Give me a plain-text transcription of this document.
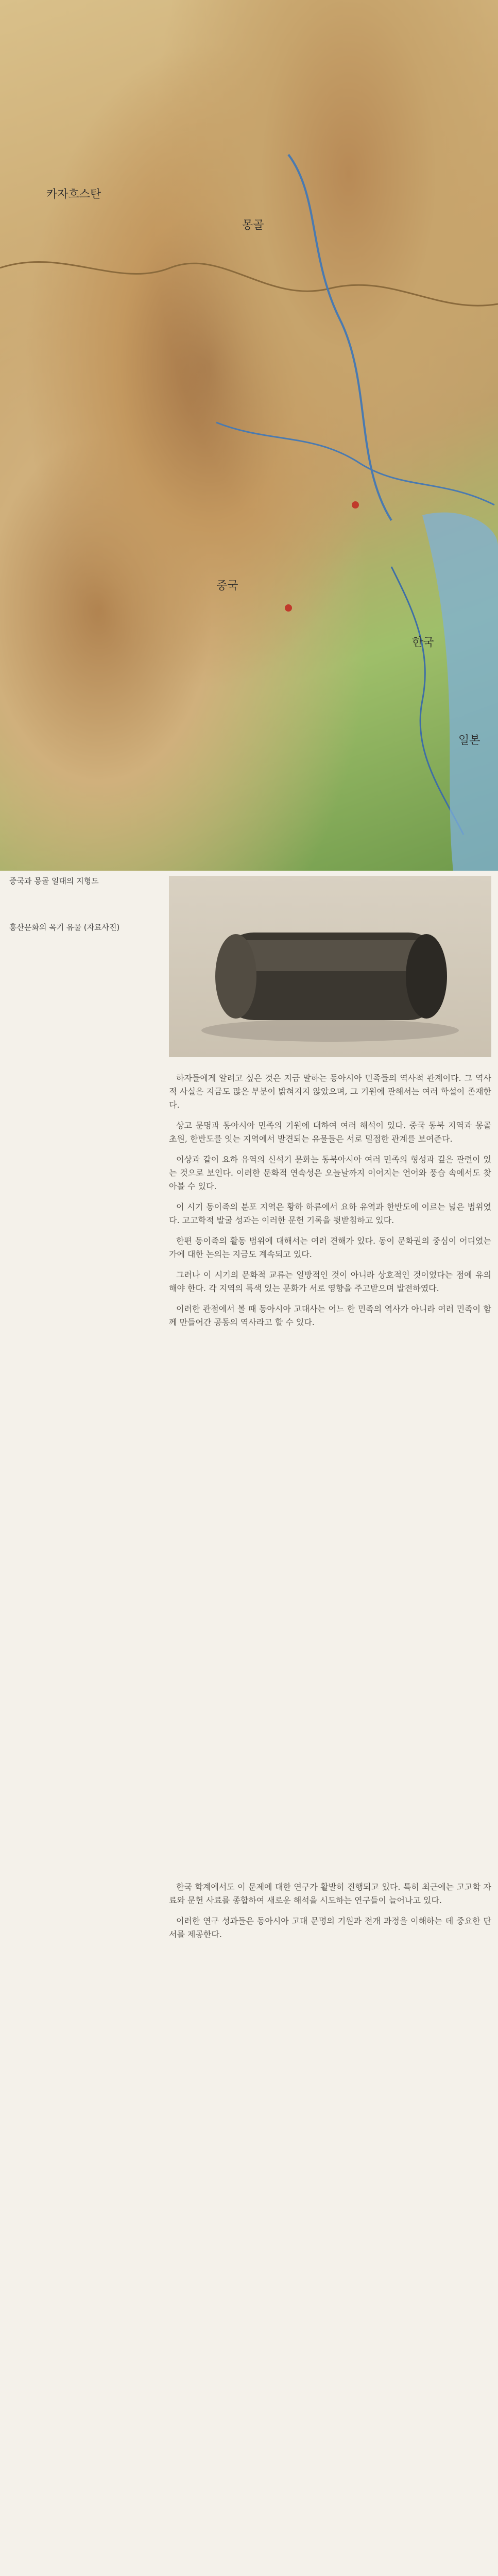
몽골
중국
카자흐스탄
한국
일본
중국과 몽골 일대의 지형도
홍산문화의 옥기 유물 (자료사진)

하자들에게 알려고 싶은 것은 지금 말하는 동아시아 민족들의 역사적 관계이다. 그 역사적 사실은 지금도 많은 부분이 밝혀지지 않았으며, 그 기원에 관해서는 여러 학설이 존재한다.

상고 문명과 동아시아 민족의 기원에 대하여 여러 해석이 있다. 중국 동북 지역과 몽골 초원, 한반도를 잇는 지역에서 발견되는 유물들은 서로 밀접한 관계를 보여준다.

이상과 같이 요하 유역의 신석기 문화는 동북아시아 여러 민족의 형성과 깊은 관련이 있는 것으로 보인다. 이러한 문화적 연속성은 오늘날까지 이어지는 언어와 풍습 속에서도 찾아볼 수 있다.

이 시기 동이족의 분포 지역은 황하 하류에서 요하 유역과 한반도에 이르는 넓은 범위였다. 고고학적 발굴 성과는 이러한 문헌 기록을 뒷받침하고 있다.

한편 동이족의 활동 범위에 대해서는 여러 견해가 있다. 동이 문화권의 중심이 어디였는가에 대한 논의는 지금도 계속되고 있다.

그러나 이 시기의 문화적 교류는 일방적인 것이 아니라 상호적인 것이었다는 점에 유의해야 한다. 각 지역의 특색 있는 문화가 서로 영향을 주고받으며 발전하였다.

이러한 관점에서 볼 때 동아시아 고대사는 어느 한 민족의 역사가 아니라 여러 민족이 함께 만들어간 공동의 역사라고 할 수 있다.

한국 학계에서도 이 문제에 대한 연구가 활발히 진행되고 있다. 특히 최근에는 고고학 자료와 문헌 사료를 종합하여 새로운 해석을 시도하는 연구들이 늘어나고 있다.

이러한 연구 성과들은 동아시아 고대 문명의 기원과 전개 과정을 이해하는 데 중요한 단서를 제공한다.
